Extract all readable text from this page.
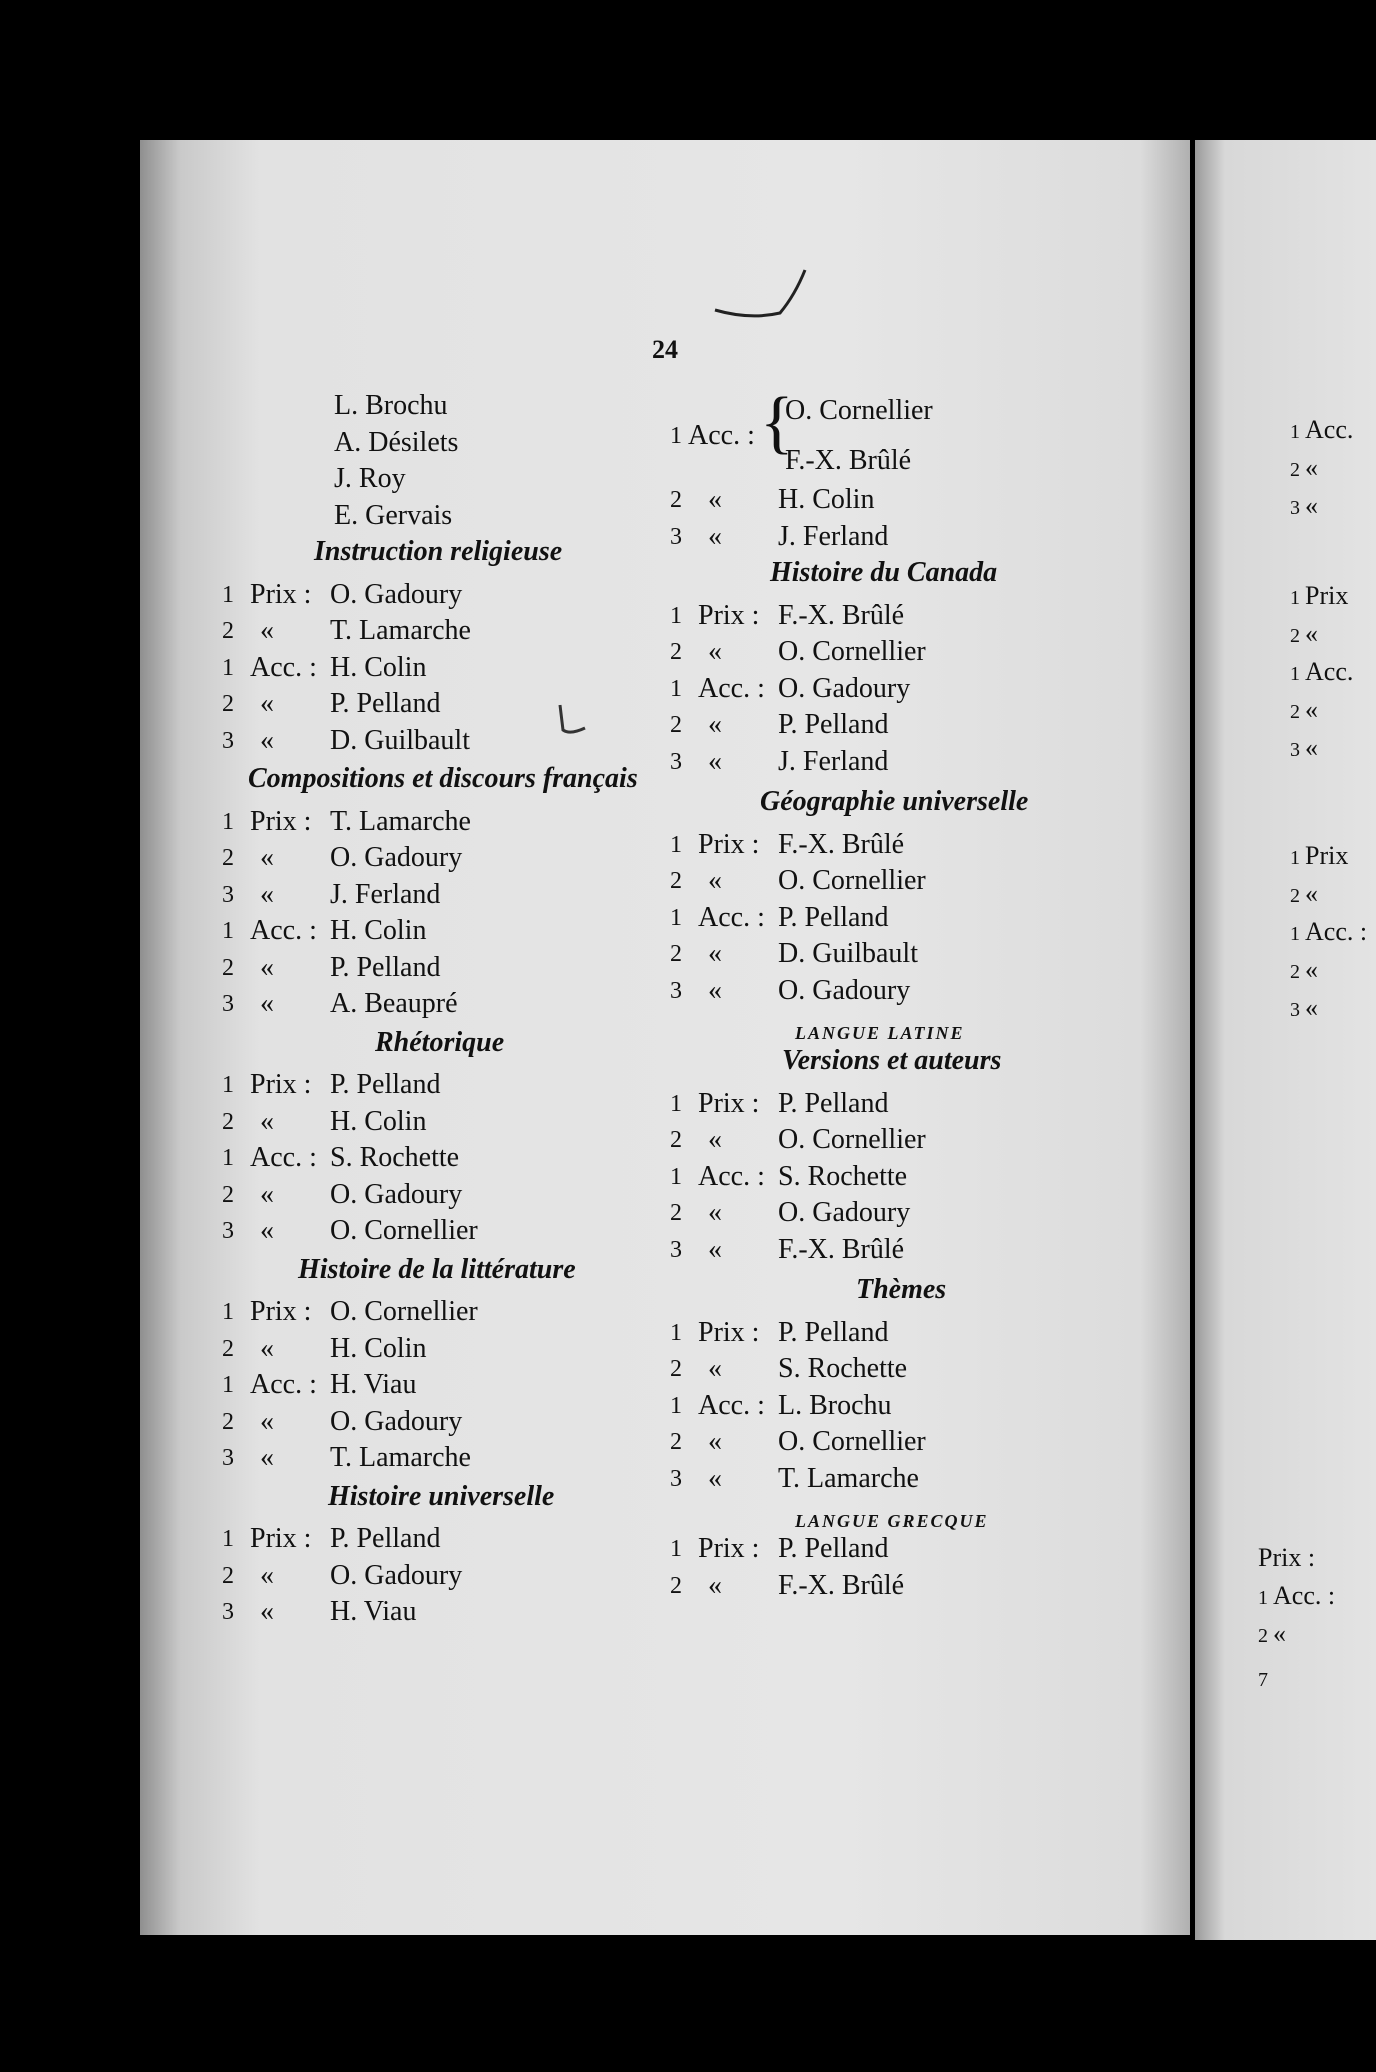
24
L. Brochu
A. Désilets
J. Roy
E. Gervais
Instruction religieuse
1 Prix : O. Gadoury
2 « T. Lamarche
1 Acc. : H. Colin
2 « P. Pelland
3 « D. Guilbault
Compositions et discours français
1 Prix : T. Lamarche
2 « O. Gadoury
3 « J. Ferland
1 Acc. : H. Colin
2 « P. Pelland
3 « A. Beaupré
Rhétorique
1 Prix : P. Pelland
2 « H. Colin
1 Acc. : S. Rochette
2 « O. Gadoury
3 « O. Cornellier
Histoire de la littérature
1 Prix : O. Cornellier
2 « H. Colin
1 Acc. : H. Viau
2 « O. Gadoury
3 « T. Lamarche
Histoire universelle
1 Prix : P. Pelland
2 « O. Gadoury
3 « H. Viau
1 Acc. : {
O. Cornellier
F.-X. Brûlé
2 « H. Colin
3 « J. Ferland
Histoire du Canada
1 Prix : F.-X. Brûlé
2 « O. Cornellier
1 Acc. : O. Gadoury
2 « P. Pelland
3 « J. Ferland
Géographie universelle
1 Prix : F.-X. Brûlé
2 « O. Cornellier
1 Acc. : P. Pelland
2 « D. Guilbault
3 « O. Gadoury
LANGUE LATINE
Versions et auteurs
1 Prix : P. Pelland
2 « O. Cornellier
1 Acc. : S. Rochette
2 « O. Gadoury
3 « F.-X. Brûlé
Thèmes
1 Prix : P. Pelland
2 « S. Rochette
1 Acc. : L. Brochu
2 « O. Cornellier
3 « T. Lamarche
LANGUE GRECQUE
1 Prix : P. Pelland
2 « F.-X. Brûlé
1 Acc.
2 «
3 «
1 Prix
2 «
1 Acc.
2 «
3 «
1 Prix
2 «
1 Acc. :
2 «
3 «
Prix :
1 Acc. :
2 «
7
